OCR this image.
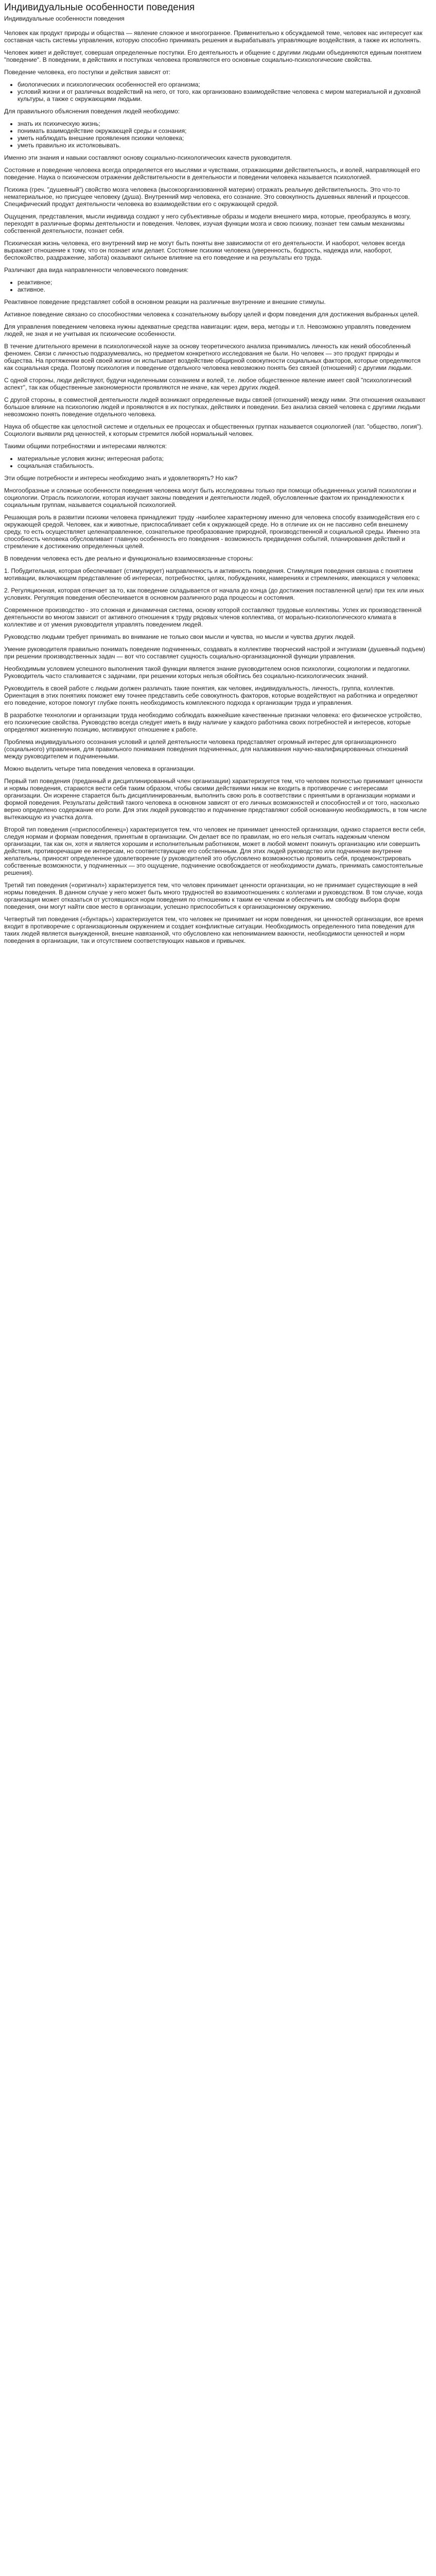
Индивидуальные особенности поведения
Индивидуальные особенности поведения

Человек как продукт природы и общества — явление сложное и многогранное. Применительно к обсуждаемой теме, человек нас интересует как составная часть системы управления, которую способно принимать решения и вырабатывать управляющие воздействия, а также их исполнять.

Человек живет и действует, совершая определенные поступки. Его деятельность и общение с другими людьми объединяются единым понятием "поведение". В поведении, в действиях и поступках человека проявляются его основные социально-психологические свойства.

Поведение человека, его поступки и действия зависят от:

• биологических и психологических особенностей его организма;
• условий жизни и от различных воздействий на него, от того, как организовано взаимодействие человека с миром материальной и духовной культуры, а также с окружающими людьми.

Для правильного объяснения поведения людей необходимо:

• знать их психическую жизнь;
• понимать взаимодействие окружающей среды и сознания;
• уметь наблюдать внешние проявления психики человека;
• уметь правильно их истолковывать.

Именно эти знания и навыки составляют основу социально-психологических качеств руководителя.

Состояние и поведение человека всегда определяется его мыслями и чувствами, отражающими действительность, и волей, направляющей его поведение. Наука о психическом отражении действительности в деятельности и поведении человека называется психологией.

Психика (греч. "душевный") свойство мозга человека (высокоорганизованной материи) отражать реальную действительность. Это что-то нематериальное, но присущее человеку (душа). Внутренний мир человека, его сознание. Это совокупность душевных явлений и процессов. Специфический продукт деятельности человека во взаимодействии его с окружающей средой.

Ощущения, представления, мысли индивида создают у него субъективные образы и модели внешнего мира, которые, преобразуясь в мозгу, переходят в различные формы деятельности и поведения. Человек, изучая функции мозга и свою психику, познает тем самым механизмы собственной деятельности, познает себя.

Психическая жизнь человека, его внутренний мир не могут быть поняты вне зависимости от его деятельности. И наоборот, человек всегда выражает отношение к тому, что он познает или делает. Состояние психики человека (уверенность, бодрость, надежда или, наоборот, беспокойство, раздражение, забота) оказывают сильное влияние на его поведение и на результаты его труда.

Различают два вида направленности человеческого поведения:

• реактивное;
• активное.

Реактивное поведение представляет собой в основном реакции на различные внутренние и внешние стимулы.

Активное поведение связано со способностями человека к сознательному выбору целей и форм поведения для достижения выбранных целей.

Для управления поведением человека нужны адекватные средства навигации: идеи, вера, методы и т.п. Невозможно управлять поведением людей, не зная и не учитывая их психические особенности.

В течение длительного времени в психологической науке за основу теоретического анализа принимались личность как некий обособленный феномен. Связи с личностью подразумевались, но предметом конкретного исследования не были. Но человек — это продукт природы и общества. На протяжении всей своей жизни он испытывает воздействие общирной совокупности социальных факторов, которые определяются как социальная среда. Поэтому психология и поведение отдельного человека невозможно понять без связей (отношений) с другими людьми.

С одной стороны, люди действуют, будучи наделенными сознанием и волей, т.е. любое общественное явление имеет свой "психологический аспект", так как общественные закономерности проявляются не иначе, как через других людей.

С другой стороны, в совместной деятельности людей возникают определенные виды связей (отношений) между ними. Эти отношения оказывают большое влияние на психологию людей и проявляются в их поступках, действиях и поведении. Без анализа связей человека с другими людьми невозможно понять поведение отдельного человека.

Наука об обществе как целостной системе и отдельных ее процессах и общественных группах называется социологией (лат. "общество, логия"). Социологи выявили ряд ценностей, к которым стремится любой нормальный человек.

Такими общими потребностями и интересами являются:

• материальные условия жизни; интересная работа;
• социальная стабильность.

Эти общие потребности и интересы необходимо знать и удовлетворять? Но как?

Многообразные и сложные особенности поведения человека могут быть исследованы только при помощи объединенных усилий психологии и социологии. Отрасль психологии, которая изучает законы поведения и деятельности людей, обусловленные фактом их принадлежности к социальным группам, называется социальной психологией.

Решающая роль в развитии психики человека принадлежит труду -наиболее характерному именно для человека способу взаимодействия его с окружающей средой. Человек, как и животные, приспосабливает себя к окружающей среде. Но в отличие их он не пассивно себя внешнему среду, то есть осуществляет целенаправленное, сознательное преобразование природной, производственной и социальной среды. Именно эта способность человека обусловливает главную особенность его поведения - возможность предвидения событий, планирования действий и стремление к достижению определенных целей.

В поведении человека есть две реально и функционально взаимосвязанные стороны:

1. Побудительная, которая обеспечивает (стимулирует) направленность и активность поведения. Стимуляция поведения связана с понятием мотивации, включающем представление об интересах, потребностях, целях, побуждениях, намерениях и стремлениях, имеющихся у человека;

2. Регуляционная, которая отвечает за то, как поведение складывается от начала до конца (до достижения поставленной цели) при тех или иных условиях. Регуляция поведения обеспечивается в основном различного рода процессы и состояния.

Современное производство - это сложная и динамичная система, основу которой составляют трудовые коллективы. Успех их производственной деятельности во многом зависит от активного отношения к труду рядовых членов коллектива, от морально-психологического климата в коллективе и от умения руководителя управлять поведением людей.

Руководство людьми требует принимать во внимание не только свои мысли и чувства, но мысли и чувства других людей.

Умение руководителя правильно понимать поведение подчиненных, создавать в коллективе творческий настрой и энтузиазм (душевный подъем) при решении производственных задач — вот что составляет сущность социально-организационной функции управления.

Необходимым условием успешного выполнения такой функции является знание руководителем основ психологии, социологии и педагогики. Руководитель часто сталкивается с задачами, при решении которых нельзя обойтись без социально-психологических знаний.

Руководитель в своей работе с людьми должен различать такие понятия, как человек, индивидуальность, личность, группа, коллектив. Ориентация в этих понятиях поможет ему точнее представить себе совокупность факторов, которые воздействуют на работника и определяют его поведение, которое помогут глубже понять необходимость комплексного подхода к организации труда и управления.

В разработке технологии и организации труда необходимо соблюдать важнейшие качественные признаки человека: его физическое устройство, его психические свойства. Руководство всегда следует иметь в виду наличие у каждого работника своих потребностей и интересов, которые определяют жизненную позицию, мотивируют отношение к работе.

Проблема индивидуального осознания условий и целей деятельности человека представляет огромный интерес для организационного (социального) управления, для правильного понимания поведения подчиненных, для налаживания научно-квалифицированных отношений между руководителем и подчиненными.

Можно выделить четыре типа поведения человека в организации.

Первый тип поведения (преданный и дисциплинированный член организации) характеризуется тем, что человек полностью принимает ценности и нормы поведения, стараются вести себя таким образом, чтобы своими действиями никак не входить в противоречие с интересами организации. Он искренне старается быть дисциплинированным, выполнить свою роль в соответствии с принятыми в организации нормами и формой поведения. Результаты действий такого человека в основном зависят от его личных возможностей и способностей и от того, насколько верно определено содержание его роли. Для этих людей руководство и подчинение представляют собой основанную необходимость, в том числе вытекающую из участка долга.

Второй тип поведения («приспособленец») характеризуется тем, что человек не принимает ценностей организации, однако старается вести себя, следуя нормам и формам поведения, принятым в организации. Он делает все по правилам, но его нельзя считать надежным членом организации, так как он, хотя и является хорошим и исполнительным работником, может в любой момент покинуть организацию или совершить действия, противоречащие ее интересам, но соответствующие его собственным. Для этих людей руководство или подчинение внутренне желательны, приносят определенное удовлетворение (у руководителей это обусловлено возможностью проявить себя, продемонстрировать собственные возможности, у подчиненных — это ощущение, подчинение освобождается от необходимости думать, принимать самостоятельные решения).

Третий тип поведения («оригинал») характеризуется тем, что человек принимает ценности организации, но не принимает существующие в ней нормы поведения. В данном случае у него может быть много трудностей во взаимоотношениях с коллегами и руководством. В том случае, когда организация может отказаться от устоявшихся норм поведения по отношению к таким ее членам и обеспечить им свободу выбора форм поведения, они могут найти свое место в организации, успешно приспособиться к организационному окружению.

Четвертый тип поведения («бунтарь») характеризуется тем, что человек не принимает ни норм поведения, ни ценностей организации, все время входит в противоречие с организационным окружением и создает конфликтные ситуации. Необходимость определенного типа поведения для таких людей является вынужденной, внешне навязанной, что обусловлено как непониманием важности, необходимости ценностей и норм поведения в организации, так и отсутствием соответствующих навыков и привычек.
